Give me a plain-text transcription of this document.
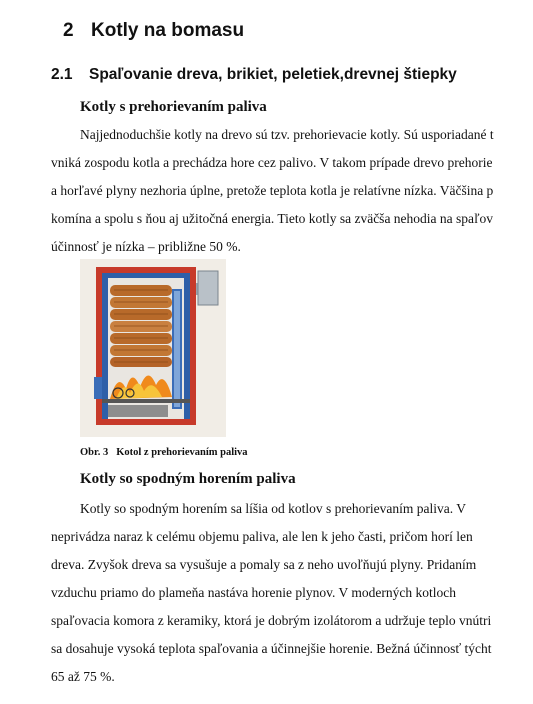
2 Kotly na bomasu
2.1 Spaľovanie dreva, brikiet, peletiek,drevnej štiepky
Kotly s prehorievaním paliva

Najjednoduchšie kotly na drevo sú tzv. prehorievacie kotly. Sú usporiadané t
vniká zospodu kotla a prechádza hore cez palivo. V takom prípade drevo prehorie
a horľavé plyny nezhoria úplne, pretože teplota kotla je relatívne nízka. Väčšina p
komína a spolu s ňou aj užitočná energia. Tieto kotly sa zväčša nehodia na spaľov
účinnosť je nízka – približne 50 %.

Obr. 3 Kotol z prehorievaním paliva
Kotly so spodným horením paliva

Kotly so spodným horením sa líšia od kotlov s prehorievaním paliva. V
neprivádza naraz k celému objemu paliva, ale len k jeho časti, pričom horí len
dreva. Zvyšok dreva sa vysušuje a pomaly sa z neho uvoľňujú plyny. Pridaním
vzduchu priamo do plameňa nastáva horenie plynov. V moderných kotloch
spaľovacia komora z keramiky, ktorá je dobrým izolátorom a udržuje teplo vnútri
sa dosahuje vysoká teplota spaľovania a účinnejšie horenie. Bežná účinnosť týcht
65 až 75 %.
